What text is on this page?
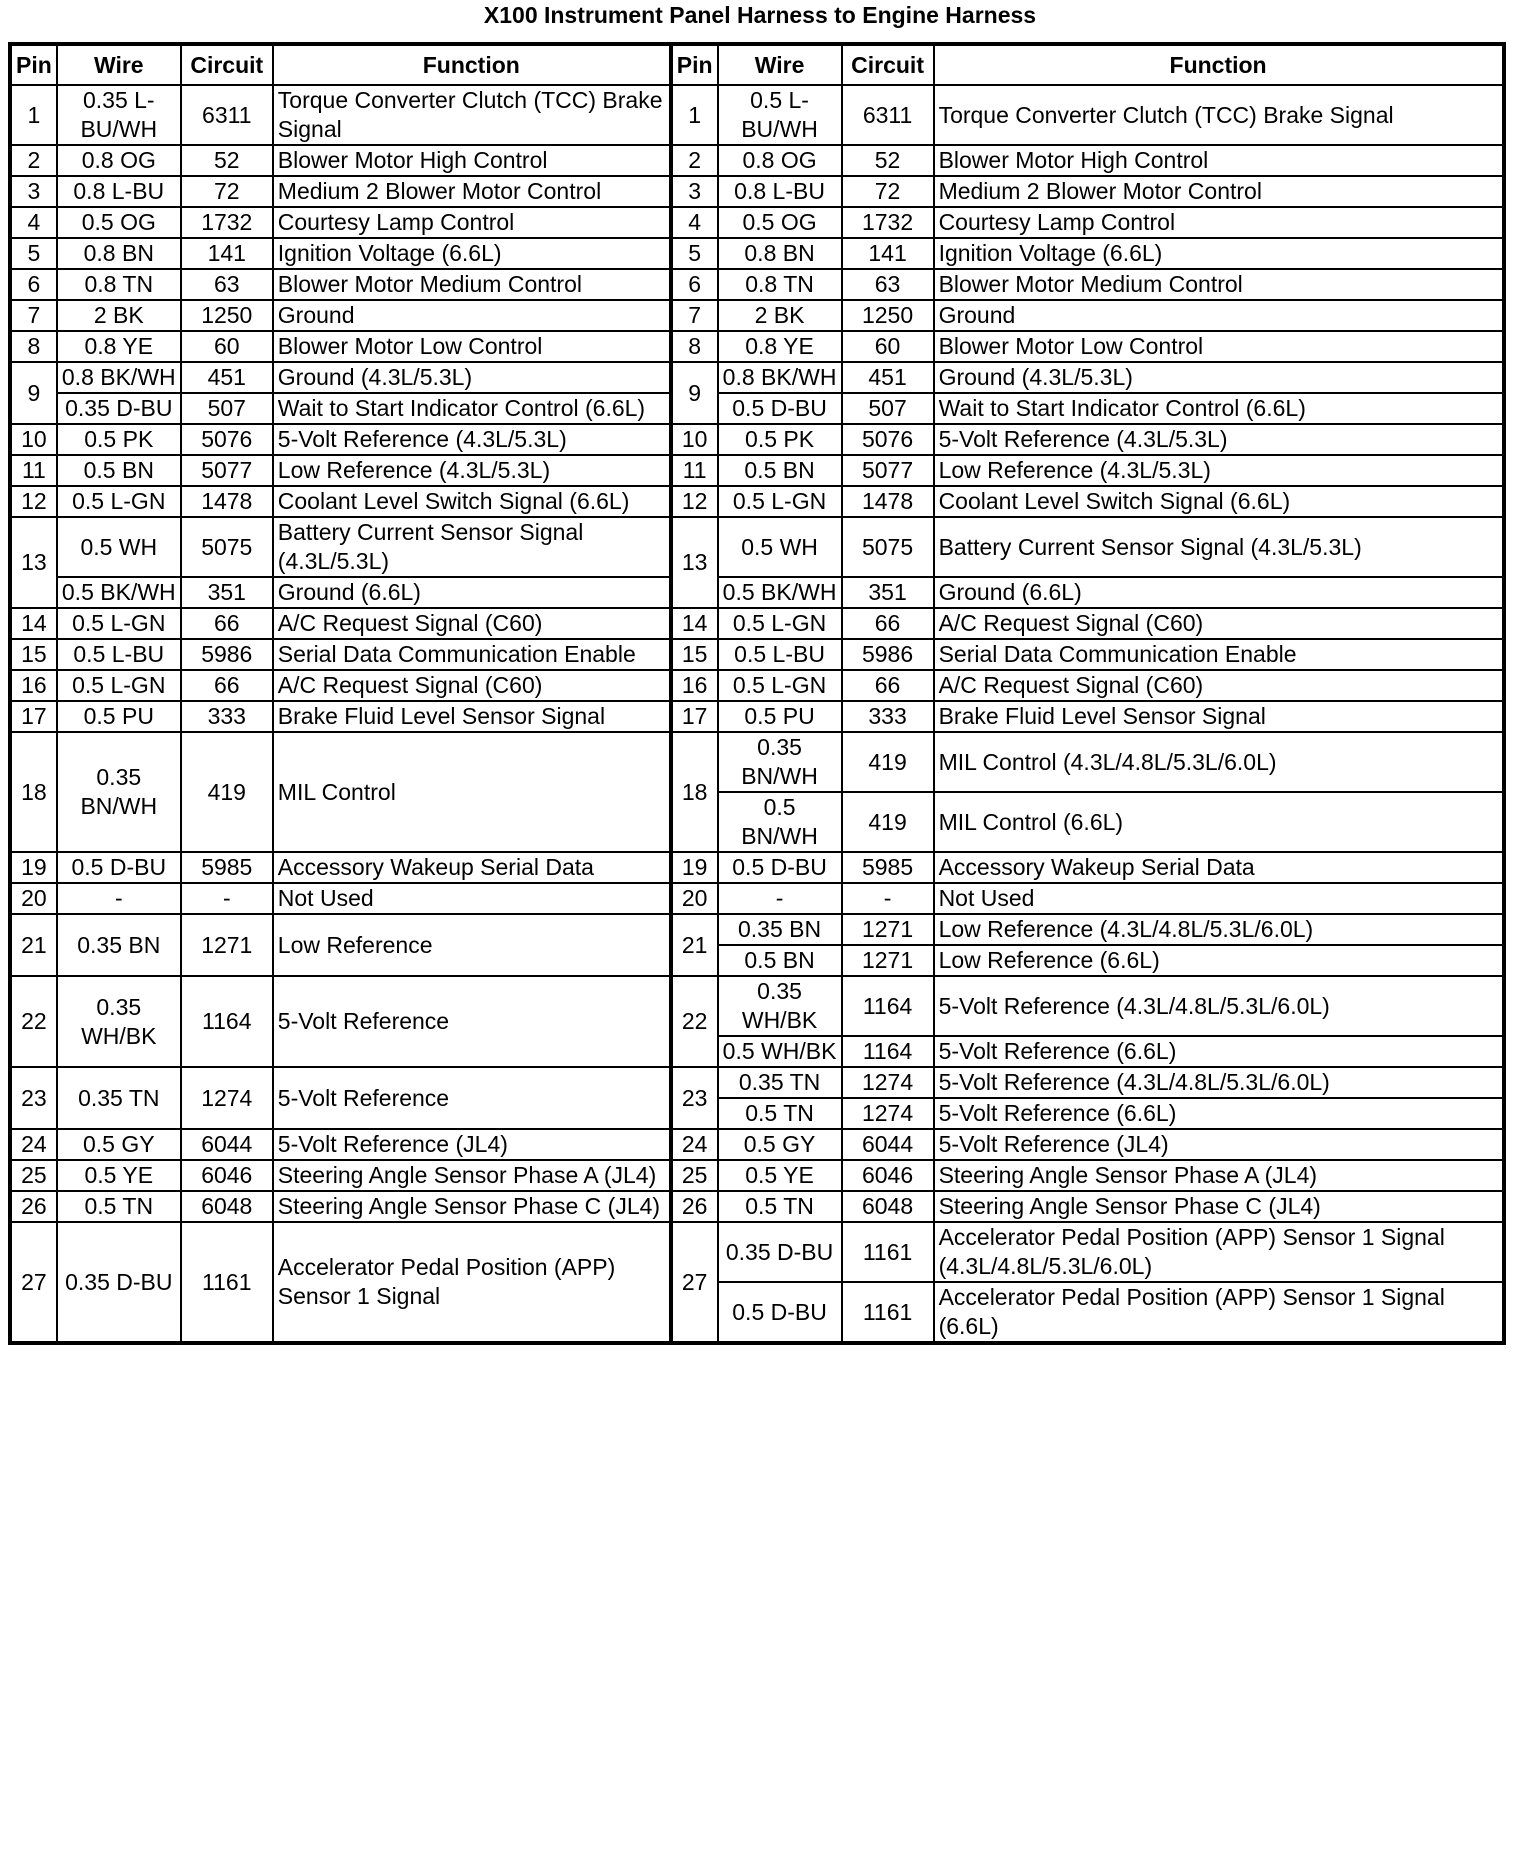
X100 Instrument Panel Harness to Engine Harness
Pin	Wire	Circuit	Function	Pin	Wire	Circuit	Function
1	0.35 L-BU/WH	6311	Torque Converter Clutch (TCC) Brake Signal	1	0.5 L-BU/WH	6311	Torque Converter Clutch (TCC) Brake Signal
2	0.8 OG	52	Blower Motor High Control	2	0.8 OG	52	Blower Motor High Control
3	0.8 L-BU	72	Medium 2 Blower Motor Control	3	0.8 L-BU	72	Medium 2 Blower Motor Control
4	0.5 OG	1732	Courtesy Lamp Control	4	0.5 OG	1732	Courtesy Lamp Control
5	0.8 BN	141	Ignition Voltage (6.6L)	5	0.8 BN	141	Ignition Voltage (6.6L)
6	0.8 TN	63	Blower Motor Medium Control	6	0.8 TN	63	Blower Motor Medium Control
7	2 BK	1250	Ground	7	2 BK	1250	Ground
8	0.8 YE	60	Blower Motor Low Control	8	0.8 YE	60	Blower Motor Low Control
9	0.8 BK/WH	451	Ground (4.3L/5.3L)	9	0.8 BK/WH	451	Ground (4.3L/5.3L)
	0.35 D-BU	507	Wait to Start Indicator Control (6.6L)		0.5 D-BU	507	Wait to Start Indicator Control (6.6L)
10	0.5 PK	5076	5-Volt Reference (4.3L/5.3L)	10	0.5 PK	5076	5-Volt Reference (4.3L/5.3L)
11	0.5 BN	5077	Low Reference (4.3L/5.3L)	11	0.5 BN	5077	Low Reference (4.3L/5.3L)
12	0.5 L-GN	1478	Coolant Level Switch Signal (6.6L)	12	0.5 L-GN	1478	Coolant Level Switch Signal (6.6L)
13	0.5 WH	5075	Battery Current Sensor Signal (4.3L/5.3L)	13	0.5 WH	5075	Battery Current Sensor Signal (4.3L/5.3L)
	0.5 BK/WH	351	Ground (6.6L)		0.5 BK/WH	351	Ground (6.6L)
14	0.5 L-GN	66	A/C Request Signal (C60)	14	0.5 L-GN	66	A/C Request Signal (C60)
15	0.5 L-BU	5986	Serial Data Communication Enable	15	0.5 L-BU	5986	Serial Data Communication Enable
16	0.5 L-GN	66	A/C Request Signal (C60)	16	0.5 L-GN	66	A/C Request Signal (C60)
17	0.5 PU	333	Brake Fluid Level Sensor Signal	17	0.5 PU	333	Brake Fluid Level Sensor Signal
18	0.35 BN/WH	419	MIL Control	18	0.35 BN/WH	419	MIL Control (4.3L/4.8L/5.3L/6.0L)
					0.5 BN/WH	419	MIL Control (6.6L)
19	0.5 D-BU	5985	Accessory Wakeup Serial Data	19	0.5 D-BU	5985	Accessory Wakeup Serial Data
20	-	-	Not Used	20	-	-	Not Used
21	0.35 BN	1271	Low Reference	21	0.35 BN	1271	Low Reference (4.3L/4.8L/5.3L/6.0L)
					0.5 BN	1271	Low Reference (6.6L)
22	0.35 WH/BK	1164	5-Volt Reference	22	0.35 WH/BK	1164	5-Volt Reference (4.3L/4.8L/5.3L/6.0L)
					0.5 WH/BK	1164	5-Volt Reference (6.6L)
23	0.35 TN	1274	5-Volt Reference	23	0.35 TN	1274	5-Volt Reference (4.3L/4.8L/5.3L/6.0L)
					0.5 TN	1274	5-Volt Reference (6.6L)
24	0.5 GY	6044	5-Volt Reference (JL4)	24	0.5 GY	6044	5-Volt Reference (JL4)
25	0.5 YE	6046	Steering Angle Sensor Phase A (JL4)	25	0.5 YE	6046	Steering Angle Sensor Phase A (JL4)
26	0.5 TN	6048	Steering Angle Sensor Phase C (JL4)	26	0.5 TN	6048	Steering Angle Sensor Phase C (JL4)
27	0.35 D-BU	1161	Accelerator Pedal Position (APP) Sensor 1 Signal	27	0.35 D-BU	1161	Accelerator Pedal Position (APP) Sensor 1 Signal (4.3L/4.8L/5.3L/6.0L)
					0.5 D-BU	1161	Accelerator Pedal Position (APP) Sensor 1 Signal (6.6L)
